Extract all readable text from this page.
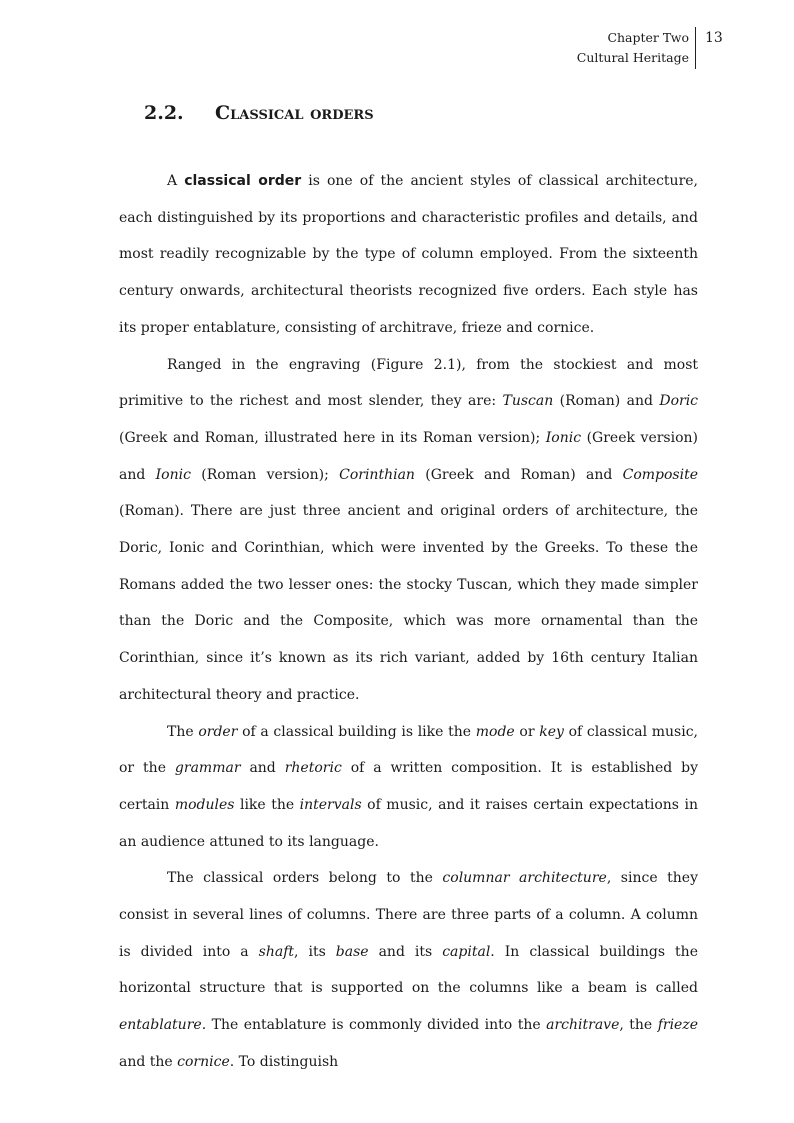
Chapter Two
Cultural Heritage
13
2.2. Classical orders

A classical order is one of the ancient styles of classical architecture, each distinguished by its proportions and characteristic profiles and details, and most readily recognizable by the type of column employed. From the sixteenth century onwards, architectural theorists recognized five orders. Each style has its proper entablature, consisting of architrave, frieze and cornice.

Ranged in the engraving (Figure 2.1), from the stockiest and most primitive to the richest and most slender, they are: Tuscan (Roman) and Doric (Greek and Roman, illustrated here in its Roman version); Ionic (Greek version) and Ionic (Roman version); Corinthian (Greek and Roman) and Composite (Roman). There are just three ancient and original orders of architecture, the Doric, Ionic and Corinthian, which were invented by the Greeks. To these the Romans added the two lesser ones: the stocky Tuscan, which they made simpler than the Doric and the Composite, which was more ornamental than the Corinthian, since it’s known as its rich variant, added by 16th century Italian architectural theory and practice.

The order of a classical building is like the mode or key of classical music, or the grammar and rhetoric of a written composition. It is established by certain modules like the intervals of music, and it raises certain expectations in an audience attuned to its language.

The classical orders belong to the columnar architecture, since they consist in several lines of columns. There are three parts of a column. A column is divided into a shaft, its base and its capital. In classical buildings the horizontal structure that is supported on the columns like a beam is called entablature. The entablature is commonly divided into the architrave, the frieze and the cornice. To distinguish
